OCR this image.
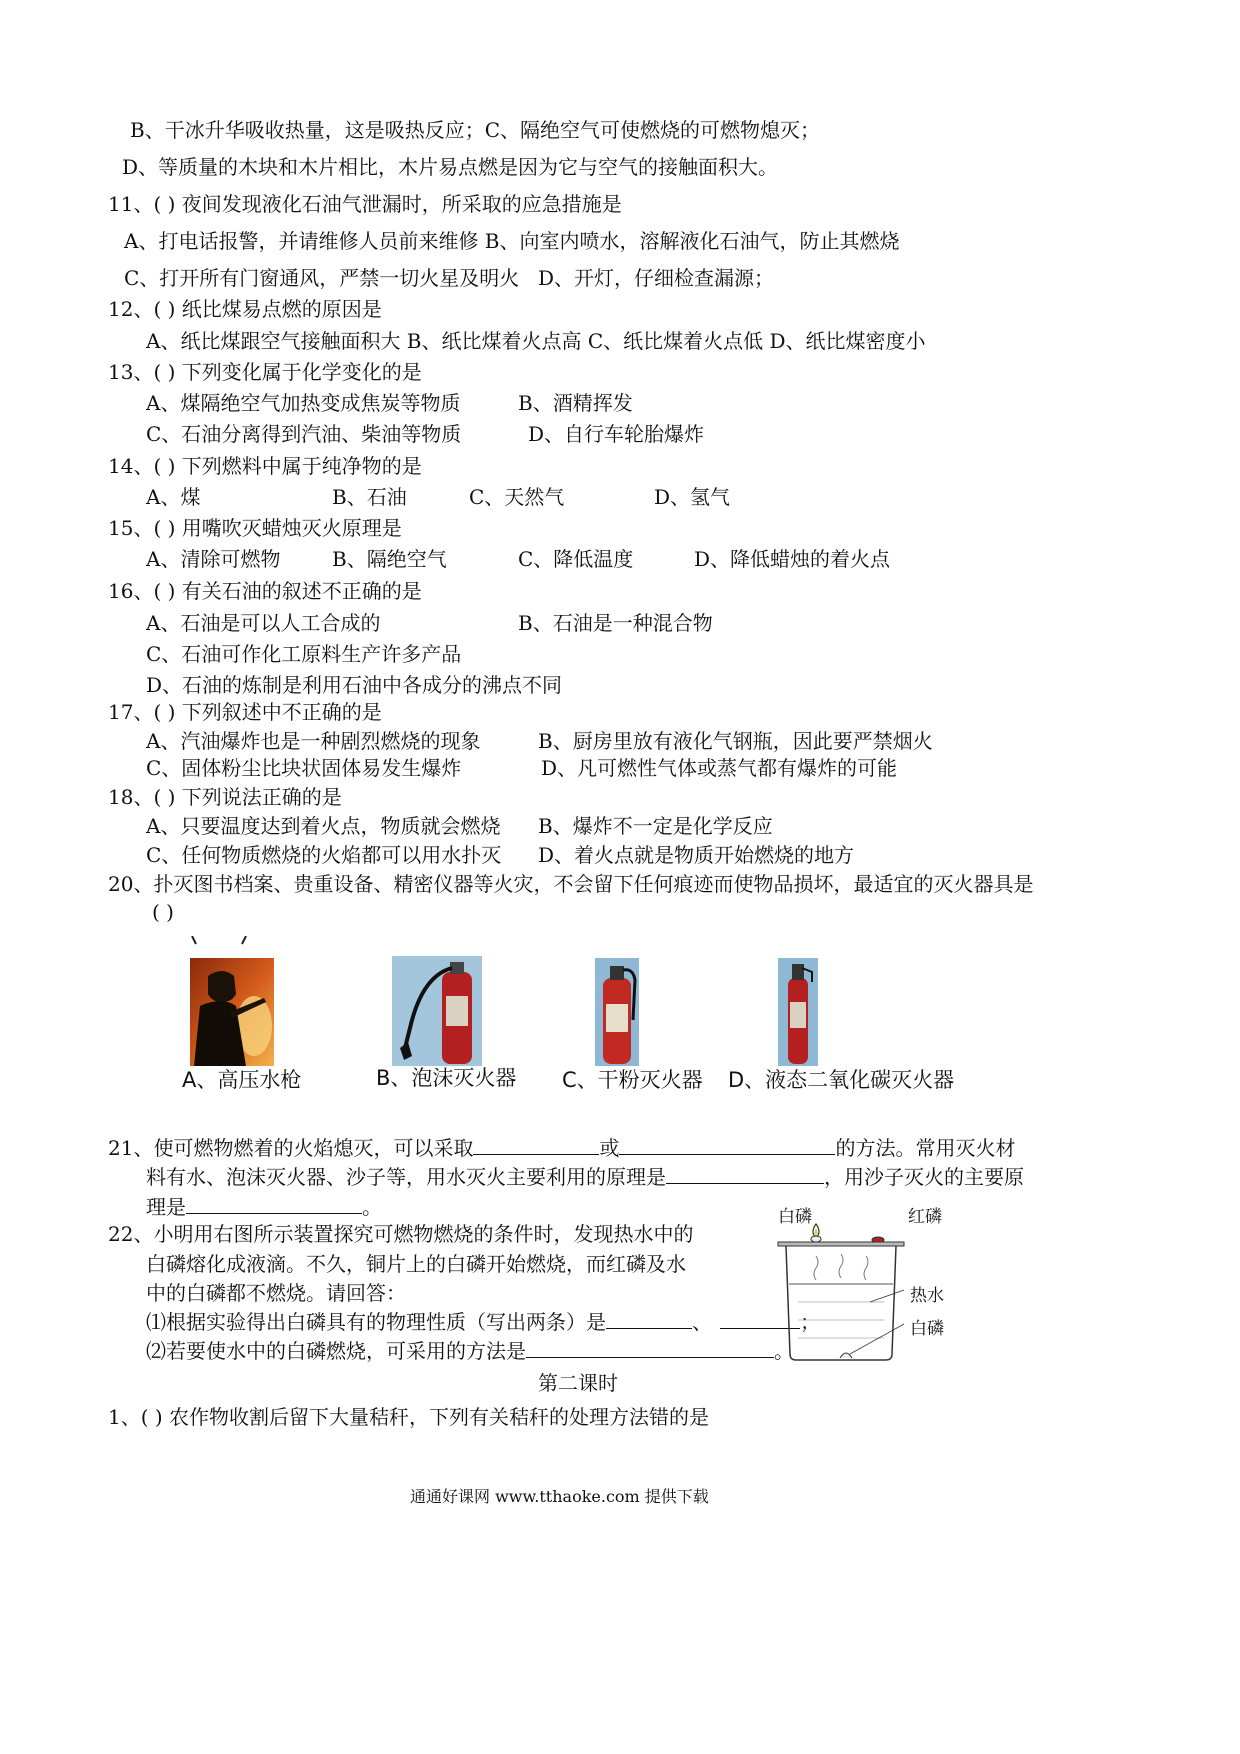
B、干冰升华吸收热量，这是吸热反应；C、隔绝空气可使燃烧的可燃物熄灭；
D、等质量的木块和木片相比，木片易点燃是因为它与空气的接触面积大。
11、( ) 夜间发现液化石油气泄漏时，所采取的应急措施是
A、打电话报警，并请维修人员前来维修 B、向室内喷水，溶解液化石油气，防止其燃烧
C、打开所有门窗通风，严禁一切火星及明火 D、开灯，仔细检查漏源；
12、( ) 纸比煤易点燃的原因是
A、纸比煤跟空气接触面积大 B、纸比煤着火点高 C、纸比煤着火点低 D、纸比煤密度小
13、( ) 下列变化属于化学变化的是
A、煤隔绝空气加热变成焦炭等物质	B、酒精挥发
C、石油分离得到汽油、柴油等物质	D、自行车轮胎爆炸
14、( ) 下列燃料中属于纯净物的是
A、煤	B、石油	C、天然气	D、氢气
15、( ) 用嘴吹灭蜡烛灭火原理是
A、清除可燃物	B、隔绝空气	C、降低温度	D、降低蜡烛的着火点
16、( ) 有关石油的叙述不正确的是
A、石油是可以人工合成的	B、石油是一种混合物
C、石油可作化工原料生产许多产品
D、石油的炼制是利用石油中各成分的沸点不同
17、( ) 下列叙述中不正确的是
A、汽油爆炸也是一种剧烈燃烧的现象	B、厨房里放有液化气钢瓶，因此要严禁烟火
C、固体粉尘比块状固体易发生爆炸	D、凡可燃性气体或蒸气都有爆炸的可能
18、( ) 下列说法正确的是
A、只要温度达到着火点，物质就会燃烧 B、爆炸不一定是化学反应
C、任何物质燃烧的火焰都可以用水扑灭 D、着火点就是物质开始燃烧的地方
20、扑灭图书档案、贵重设备、精密仪器等火灾，不会留下任何痕迹而使物品损坏，最适宜的灭火器具是
( )
A、高压水枪	B、泡沫灭火器 C、干粉灭火器 D、液态二氧化碳灭火器
21、使可燃物燃着的火焰熄灭，可以采取	或	的方法。常用灭火材
料有水、泡沫灭火器、沙子等，用水灭火主要利用的原理是	，用沙子灭火的主要原
理是	。
22、小明用右图所示装置探究可燃物燃烧的条件时，发现热水中的
白磷熔化成液滴。不久，铜片上的白磷开始燃烧，而红磷及水
中的白磷都不燃烧。请回答：
⑴根据实验得出白磷具有的物理性质（写出两条）是	、	；
⑵若要使水中的白磷燃烧，可采用的方法是	。
白磷	红磷
热水
白磷
第二课时
1、( ) 农作物收割后留下大量秸秆，下列有关秸秆的处理方法错的是
通通好课网 www.tthaoke.com 提供下载
